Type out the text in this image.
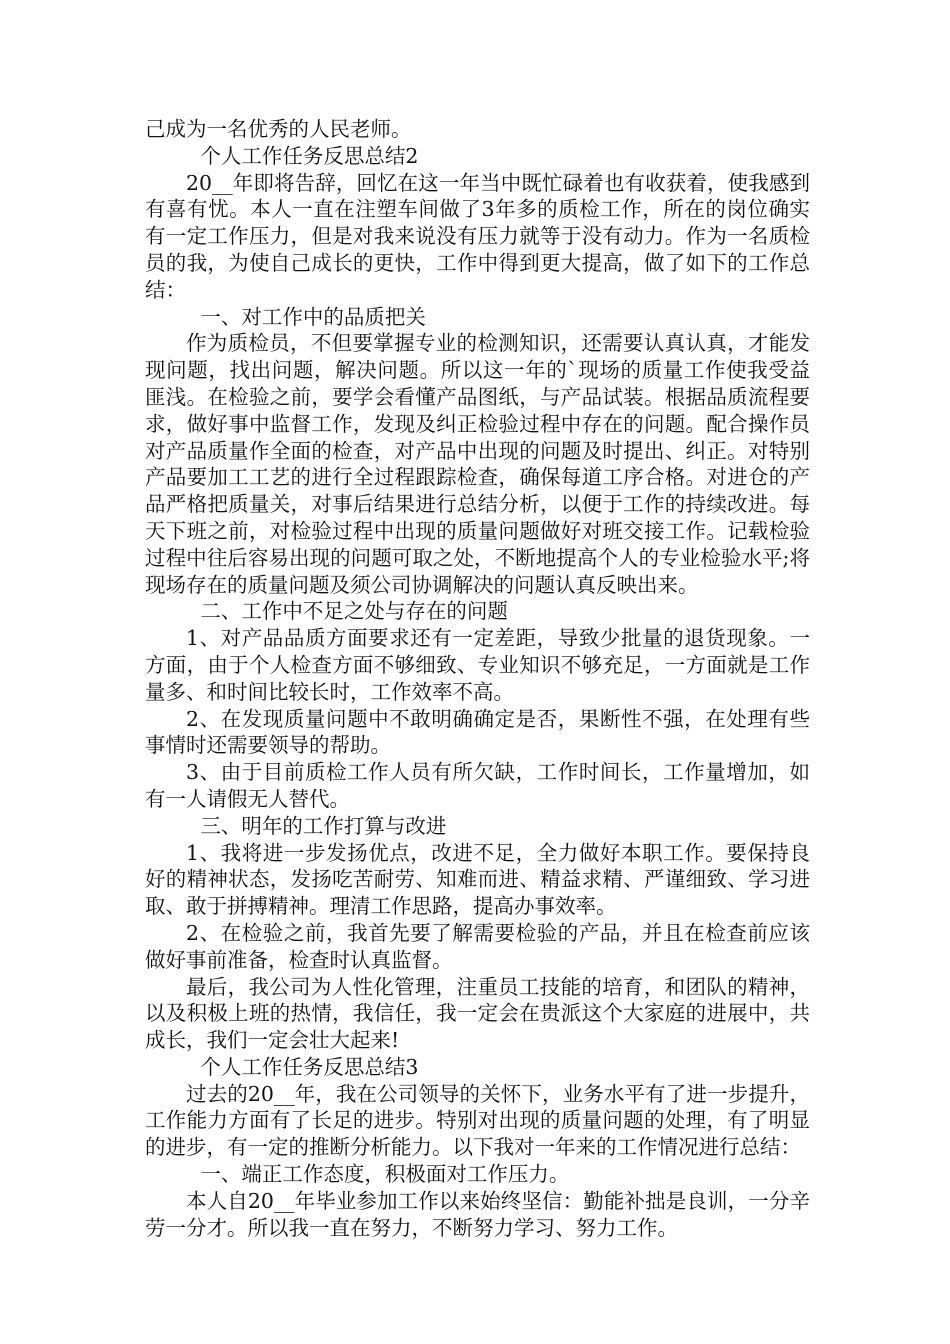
己成为一名优秀的人民老师。

个人工作任务反思总结2

20__年即将告辞，回忆在这一年当中既忙碌着也有收获着，使我感到有喜有忧。本人一直在注塑车间做了3年多的质检工作，所在的岗位确实有一定工作压力，但是对我来说没有压力就等于没有动力。作为一名质检员的我，为使自己成长的更快，工作中得到更大提高，做了如下的工作总结：

一、对工作中的品质把关

作为质检员，不但要掌握专业的检测知识，还需要认真认真，才能发现问题，找出问题，解决问题。所以这一年的`现场的质量工作使我受益匪浅。在检验之前，要学会看懂产品图纸，与产品试装。根据品质流程要求，做好事中监督工作，发现及纠正检验过程中存在的问题。配合操作员对产品质量作全面的检查，对产品中出现的问题及时提出、纠正。对特别产品要加工工艺的进行全过程跟踪检查，确保每道工序合格。对进仓的产品严格把质量关，对事后结果进行总结分析，以便于工作的持续改进。每天下班之前，对检验过程中出现的质量问题做好对班交接工作。记载检验过程中往后容易出现的问题可取之处，不断地提高个人的专业检验水平;将现场存在的质量问题及须公司协调解决的问题认真反映出来。

二、工作中不足之处与存在的问题

1、对产品品质方面要求还有一定差距，导致少批量的退货现象。一方面，由于个人检查方面不够细致、专业知识不够充足，一方面就是工作量多、和时间比较长时，工作效率不高。

2、在发现质量问题中不敢明确确定是否，果断性不强，在处理有些事情时还需要领导的帮助。

3、由于目前质检工作人员有所欠缺，工作时间长，工作量增加，如有一人请假无人替代。

三、明年的工作打算与改进

1、我将进一步发扬优点，改进不足，全力做好本职工作。要保持良好的精神状态，发扬吃苦耐劳、知难而进、精益求精、严谨细致、学习进取、敢于拼搏精神。理清工作思路，提高办事效率。

2、在检验之前，我首先要了解需要检验的产品，并且在检查前应该做好事前准备，检查时认真监督。

最后，我公司为人性化管理，注重员工技能的培育，和团队的精神，以及积极上班的热情，我信任，我一定会在贵派这个大家庭的进展中，共成长，我们一定会壮大起来!

个人工作任务反思总结3

过去的20__年，我在公司领导的关怀下，业务水平有了进一步提升，工作能力方面有了长足的进步。特别对出现的质量问题的处理，有了明显的进步，有一定的推断分析能力。以下我对一年来的工作情况进行总结：

一、端正工作态度，积极面对工作压力。

本人自20__年毕业参加工作以来始终坚信：勤能补拙是良训，一分辛劳一分才。所以我一直在努力，不断努力学习、努力工作。
